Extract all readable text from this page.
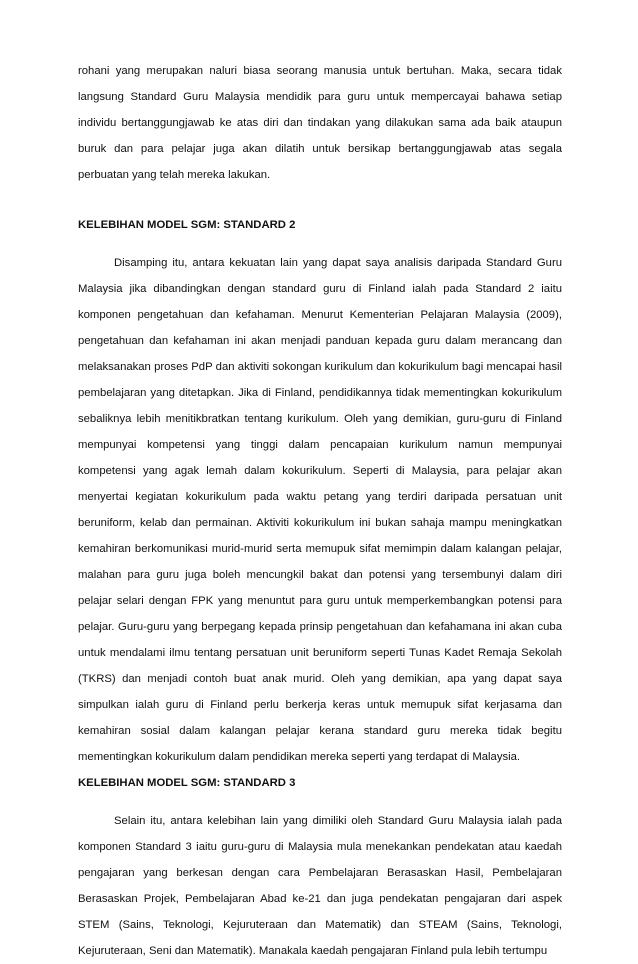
rohani yang merupakan naluri biasa seorang manusia untuk bertuhan. Maka, secara tidak langsung Standard Guru Malaysia mendidik para guru untuk mempercayai bahawa setiap individu bertanggungjawab ke atas diri dan tindakan yang dilakukan sama ada baik ataupun buruk dan para pelajar juga akan dilatih untuk bersikap bertanggungjawab atas segala perbuatan yang telah mereka lakukan.

KELEBIHAN MODEL SGM: STANDARD 2

Disamping itu, antara kekuatan lain yang dapat saya analisis daripada Standard Guru Malaysia jika dibandingkan dengan standard guru di Finland ialah pada Standard 2 iaitu komponen pengetahuan dan kefahaman. Menurut Kementerian Pelajaran Malaysia (2009), pengetahuan dan kefahaman ini akan menjadi panduan kepada guru dalam merancang dan melaksanakan proses PdP dan aktiviti sokongan kurikulum dan kokurikulum bagi mencapai hasil pembelajaran yang ditetapkan. Jika di Finland, pendidikannya tidak mementingkan kokurikulum sebaliknya lebih menitikbratkan tentang kurikulum. Oleh yang demikian, guru-guru di Finland mempunyai kompetensi yang tinggi dalam pencapaian kurikulum namun mempunyai kompetensi yang agak lemah dalam kokurikulum. Seperti di Malaysia, para pelajar akan menyertai kegiatan kokurikulum pada waktu petang yang terdiri daripada persatuan unit beruniform, kelab dan permainan. Aktiviti kokurikulum ini bukan sahaja mampu meningkatkan kemahiran berkomunikasi murid-murid serta memupuk sifat memimpin dalam kalangan pelajar, malahan para guru juga boleh mencungkil bakat dan potensi yang tersembunyi dalam diri pelajar selari dengan FPK yang menuntut para guru untuk memperkembangkan potensi para pelajar. Guru-guru yang berpegang kepada prinsip pengetahuan dan kefahamana ini akan cuba untuk mendalami ilmu tentang persatuan unit beruniform seperti Tunas Kadet Remaja Sekolah (TKRS) dan menjadi contoh buat anak murid. Oleh yang demikian, apa yang dapat saya simpulkan ialah guru di Finland perlu berkerja keras untuk memupuk sifat kerjasama dan kemahiran sosial dalam kalangan pelajar kerana standard guru mereka tidak begitu mementingkan kokurikulum dalam pendidikan mereka seperti yang terdapat di Malaysia.

KELEBIHAN MODEL SGM: STANDARD 3

Selain itu, antara kelebihan lain yang dimiliki oleh Standard Guru Malaysia ialah pada komponen Standard 3 iaitu guru-guru di Malaysia mula menekankan pendekatan atau kaedah pengajaran yang berkesan dengan cara Pembelajaran Berasaskan Hasil, Pembelajaran Berasaskan Projek, Pembelajaran Abad ke-21 dan juga pendekatan pengajaran dari aspek STEM (Sains, Teknologi, Kejuruteraan dan Matematik) dan STEAM (Sains, Teknologi, Kejuruteraan, Seni dan Matematik). Manakala kaedah pengajaran Finland pula lebih tertumpu
